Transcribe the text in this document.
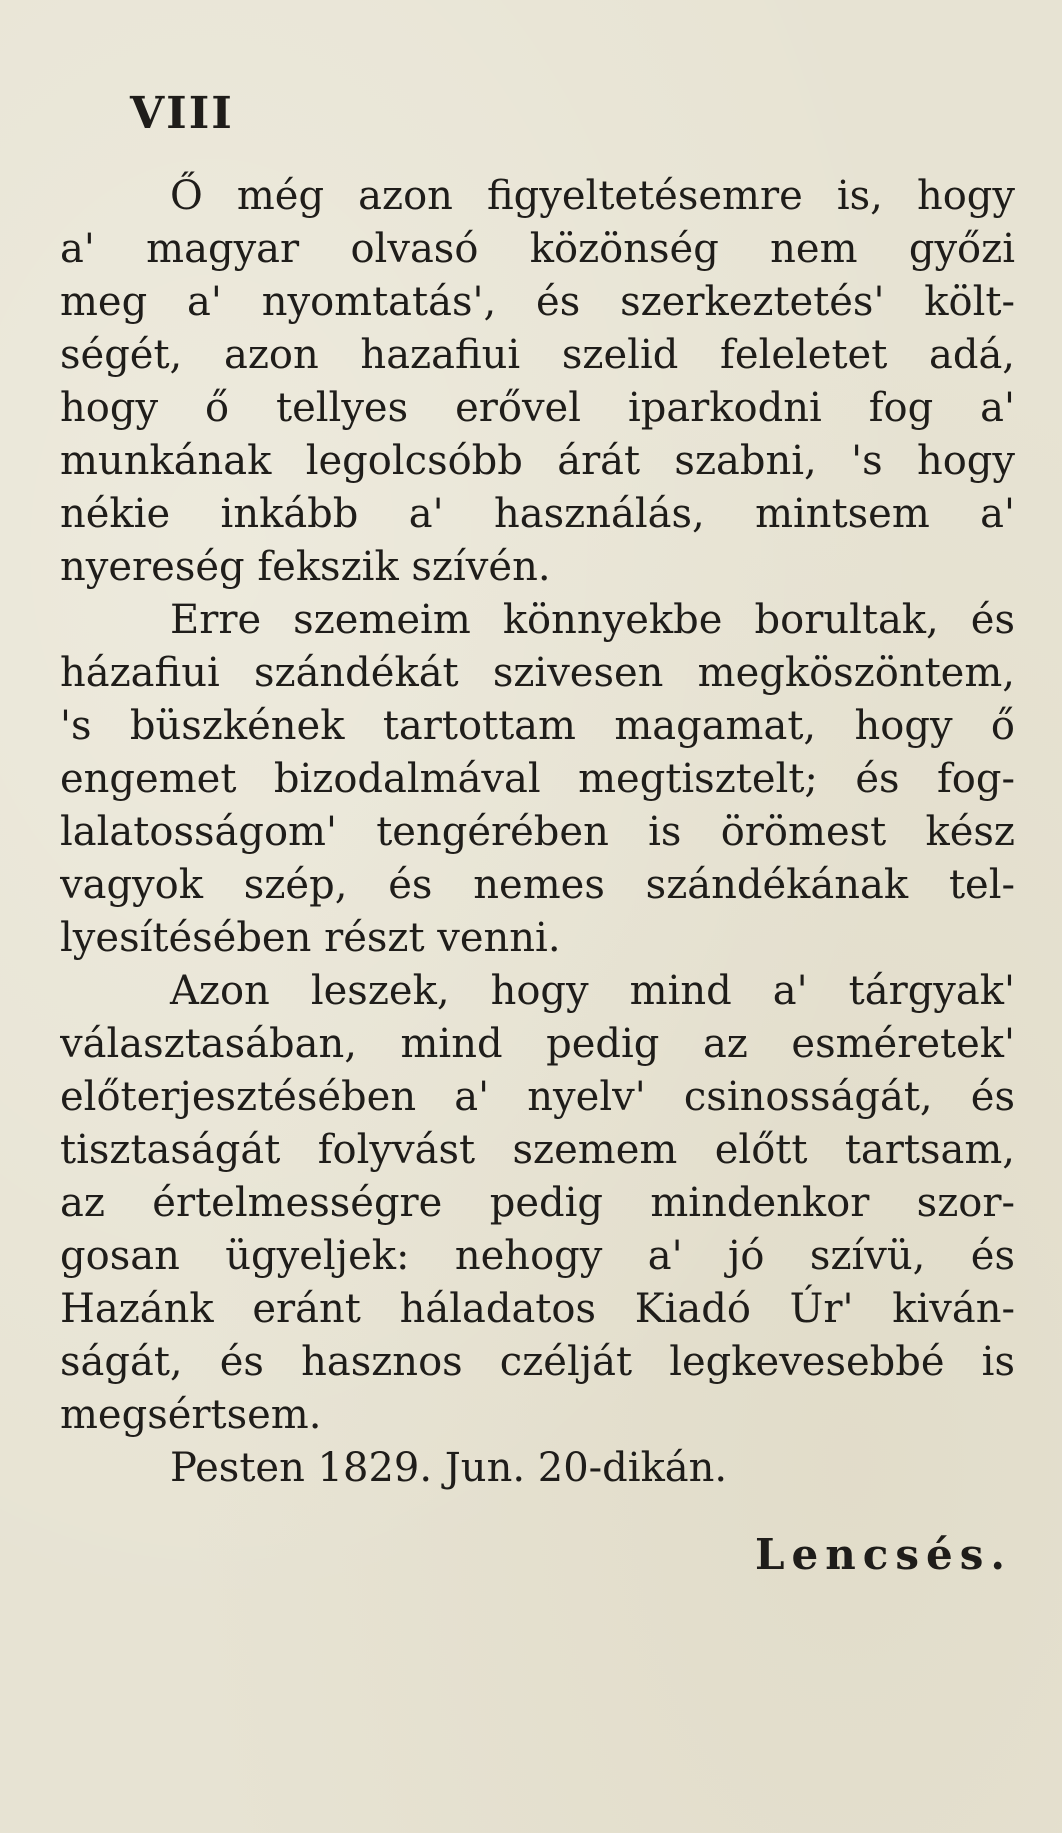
VIII
Ő még azon figyeltetésemre is, hogy
a' magyar olvasó közönség nem győzi
meg a' nyomtatás', és szerkeztetés' költ-
ségét, azon hazafiui szelid feleletet adá,
hogy ő tellyes erővel iparkodni fog a'
munkának legolcsóbb árát szabni, 's hogy
nékie inkább a' használás, mintsem a'
nyereség fekszik szívén.
Erre szemeim könnyekbe borultak, és
házafiui szándékát szivesen megköszöntem,
's büszkének tartottam magamat, hogy ő
engemet bizodalmával megtisztelt; és fog-
lalatosságom' tengérében is örömest kész
vagyok szép, és nemes szándékának tel-
lyesítésében részt venni.
Azon leszek, hogy mind a' tárgyak'
választasában, mind pedig az esméretek'
előterjesztésében a' nyelv' csinosságát, és
tisztaságát folyvást szemem előtt tartsam,
az értelmességre pedig mindenkor szor-
gosan ügyeljek: nehogy a' jó szívü, és
Hazánk eránt háladatos Kiadó Úr' kiván-
ságát, és hasznos czélját legkevesebbé is
megsértsem.
Pesten 1829. Jun. 20-dikán.
Lencsés.
